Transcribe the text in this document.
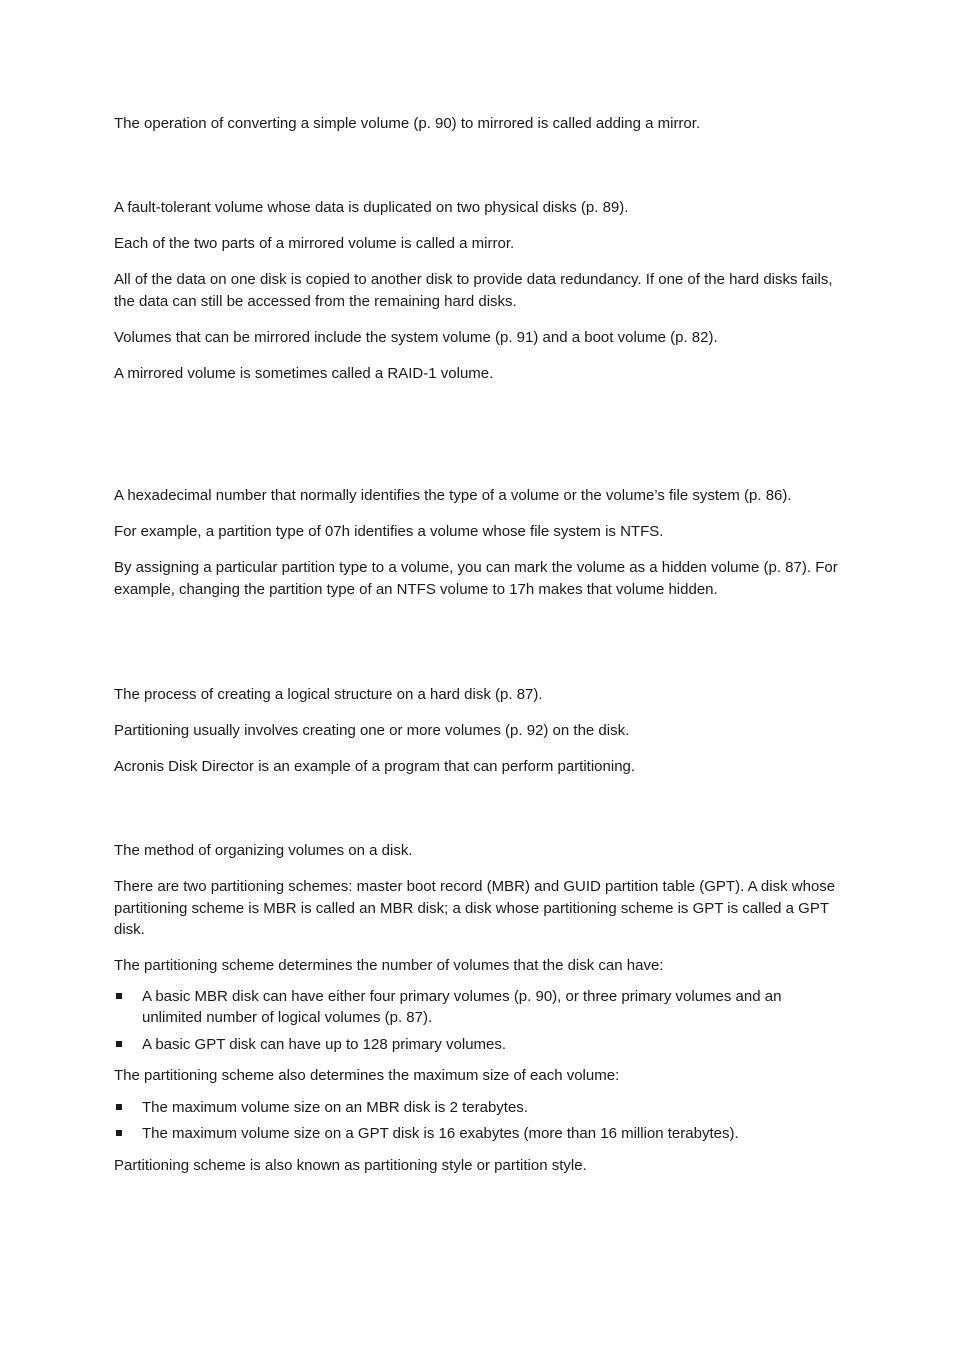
The operation of converting a simple volume (p. 90) to mirrored is called adding a mirror.

A fault-tolerant volume whose data is duplicated on two physical disks (p. 89).

Each of the two parts of a mirrored volume is called a mirror.

All of the data on one disk is copied to another disk to provide data redundancy. If one of the hard disks fails, the data can still be accessed from the remaining hard disks.

Volumes that can be mirrored include the system volume (p. 91) and a boot volume (p. 82).

A mirrored volume is sometimes called a RAID-1 volume.

A hexadecimal number that normally identifies the type of a volume or the volume’s file system (p. 86).

For example, a partition type of 07h identifies a volume whose file system is NTFS.

By assigning a particular partition type to a volume, you can mark the volume as a hidden volume (p. 87). For example, changing the partition type of an NTFS volume to 17h makes that volume hidden.

The process of creating a logical structure on a hard disk (p. 87).

Partitioning usually involves creating one or more volumes (p. 92) on the disk.

Acronis Disk Director is an example of a program that can perform partitioning.

The method of organizing volumes on a disk.

There are two partitioning schemes: master boot record (MBR) and GUID partition table (GPT). A disk whose partitioning scheme is MBR is called an MBR disk; a disk whose partitioning scheme is GPT is called a GPT disk.

The partitioning scheme determines the number of volumes that the disk can have:

A basic MBR disk can have either four primary volumes (p. 90), or three primary volumes and an unlimited number of logical volumes (p. 87).
A basic GPT disk can have up to 128 primary volumes.

The partitioning scheme also determines the maximum size of each volume:

The maximum volume size on an MBR disk is 2 terabytes.
The maximum volume size on a GPT disk is 16 exabytes (more than 16 million terabytes).

Partitioning scheme is also known as partitioning style or partition style.
